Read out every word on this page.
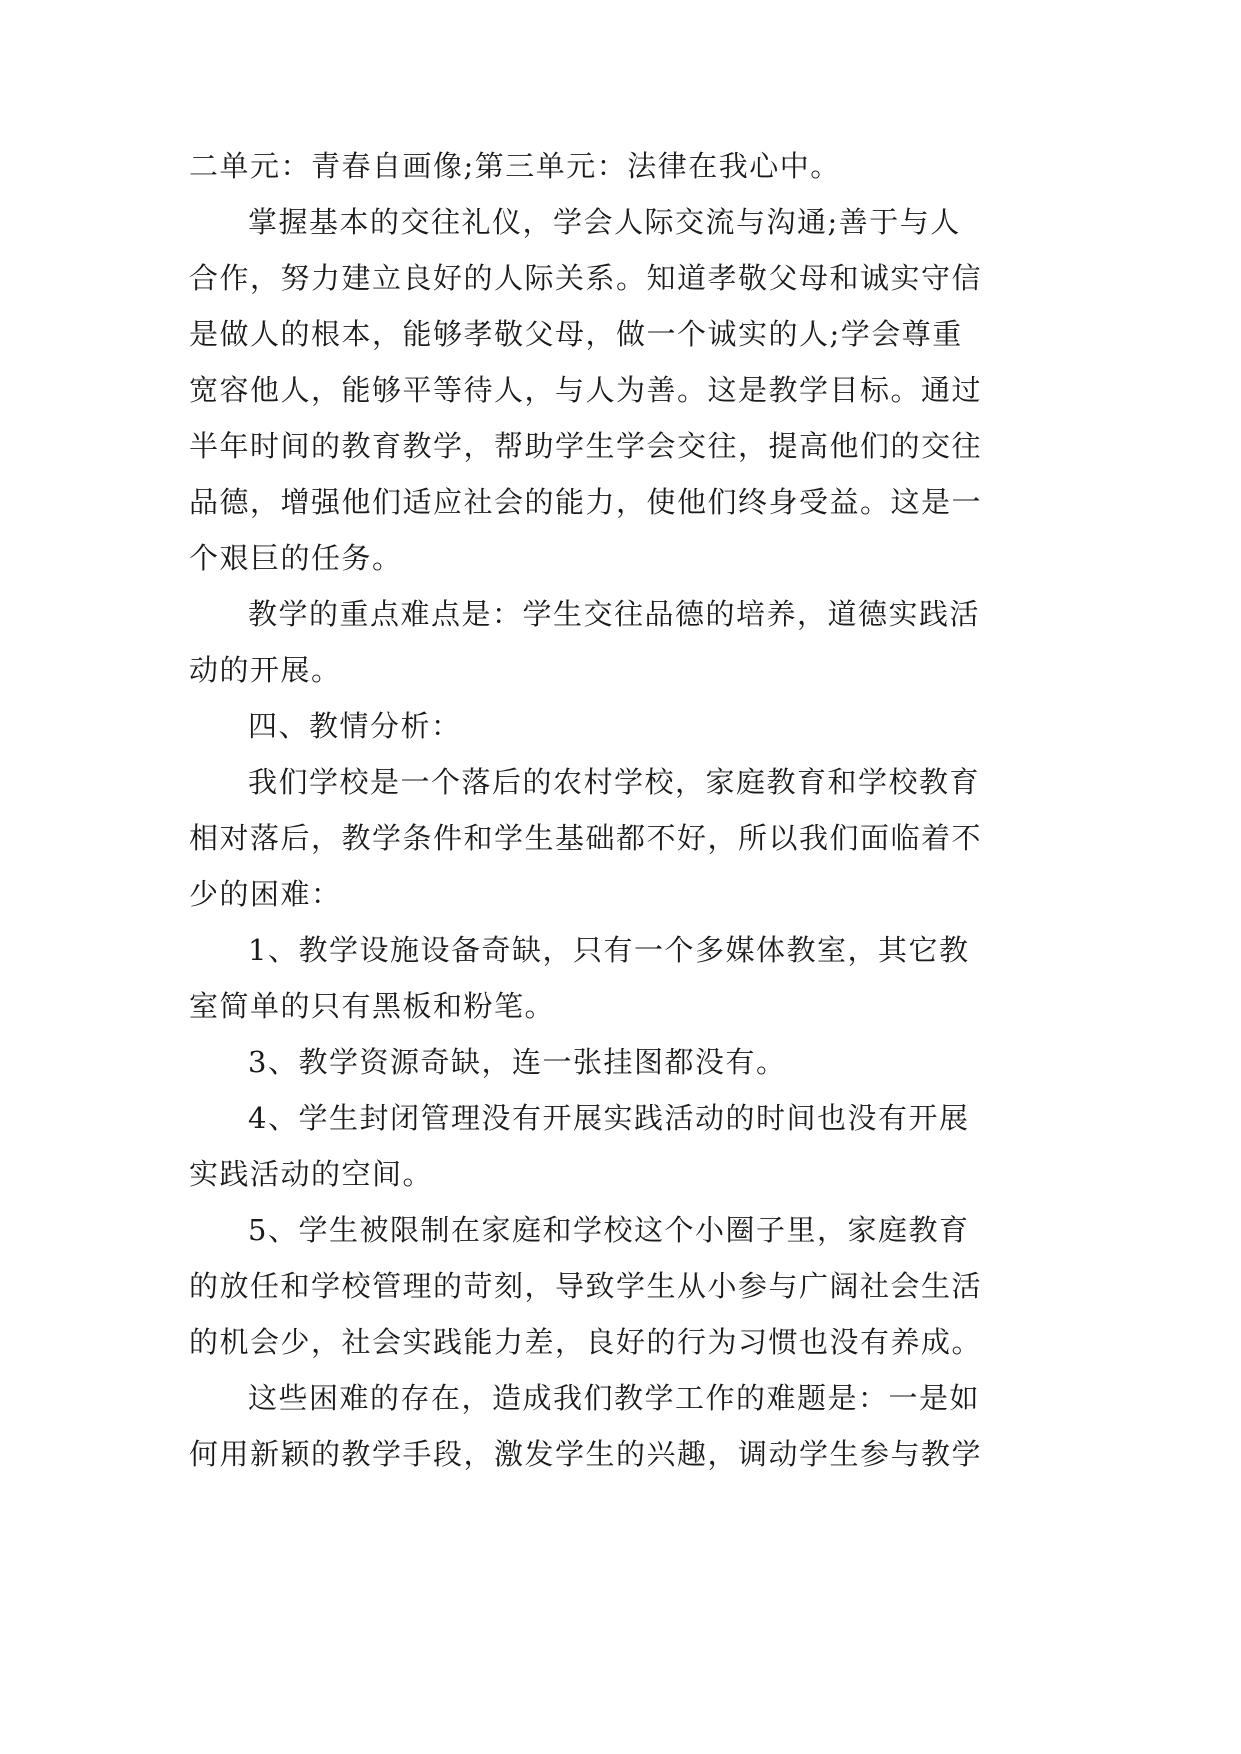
二单元：青春自画像;第三单元：法律在我心中。
掌握基本的交往礼仪，学会人际交流与沟通;善于与人
合作，努力建立良好的人际关系。知道孝敬父母和诚实守信
是做人的根本，能够孝敬父母，做一个诚实的人;学会尊重
宽容他人，能够平等待人，与人为善。这是教学目标。通过
半年时间的教育教学，帮助学生学会交往，提高他们的交往
品德，增强他们适应社会的能力，使他们终身受益。这是一
个艰巨的任务。
教学的重点难点是：学生交往品德的培养，道德实践活
动的开展。
四、教情分析：
我们学校是一个落后的农村学校，家庭教育和学校教育
相对落后，教学条件和学生基础都不好，所以我们面临着不
少的困难：
1、教学设施设备奇缺，只有一个多媒体教室，其它教
室简单的只有黑板和粉笔。
3、教学资源奇缺，连一张挂图都没有。
4、学生封闭管理没有开展实践活动的时间也没有开展
实践活动的空间。
5、学生被限制在家庭和学校这个小圈子里，家庭教育
的放任和学校管理的苛刻，导致学生从小参与广阔社会生活
的机会少，社会实践能力差，良好的行为习惯也没有养成。
这些困难的存在，造成我们教学工作的难题是：一是如
何用新颖的教学手段，激发学生的兴趣，调动学生参与教学
